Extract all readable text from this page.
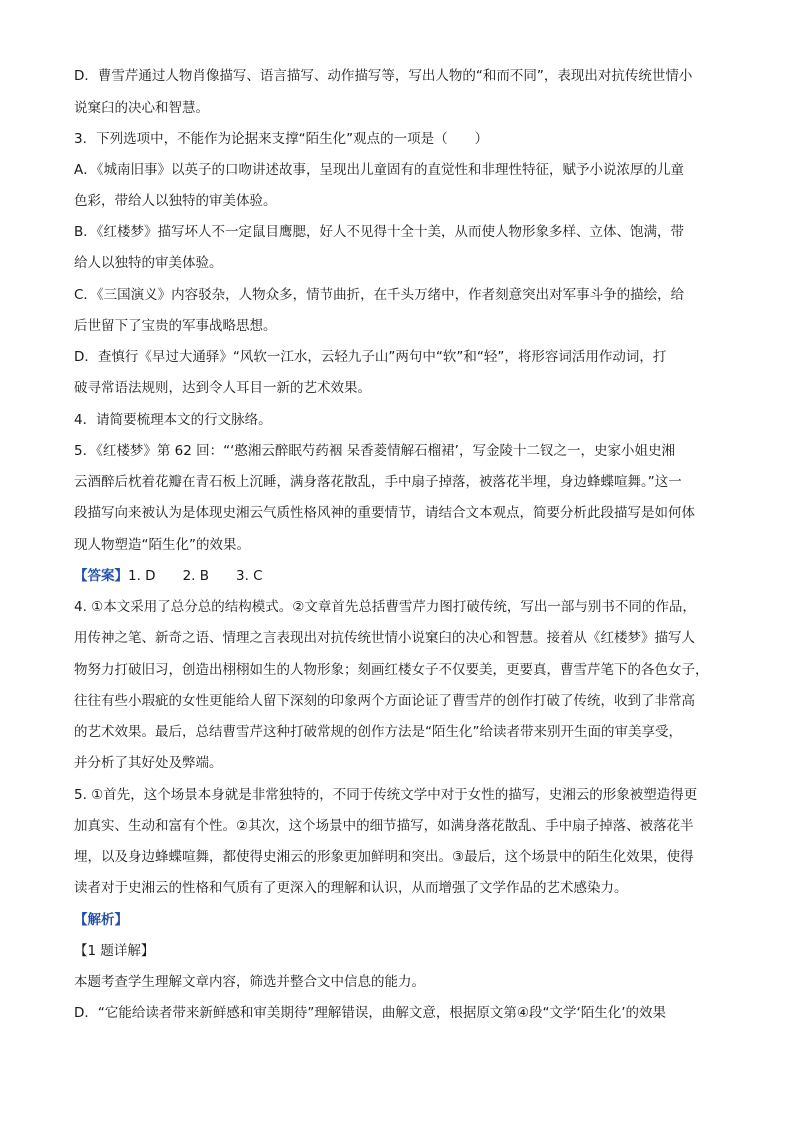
D．曹雪芹通过人物肖像描写、语言描写、动作描写等，写出人物的“和而不同”，表现出对抗传统世情小
说窠臼的决心和智慧。
3．下列选项中，不能作为论据来支撑“陌生化”观点的一项是（　　）
A．《城南旧事》以英子的口吻讲述故事，呈现出儿童固有的直觉性和非理性特征，赋予小说浓厚的儿童
色彩，带给人以独特的审美体验。
B．《红楼梦》描写坏人不一定鼠目鹰腮，好人不见得十全十美，从而使人物形象多样、立体、饱满，带
给人以独特的审美体验。
C．《三国演义》内容驳杂，人物众多，情节曲折，在千头万绪中，作者刻意突出对军事斗争的描绘，给
后世留下了宝贵的军事战略思想。
D．查慎行《早过大通驿》“风软一江水，云轻九子山”两句中“软”和“轻”，将形容词活用作动词，打
破寻常语法规则，达到令人耳目一新的艺术效果。
4．请简要梳理本文的行文脉络。
5．《红楼梦》第 62 回：“‘憨湘云醉眠芍药裀 呆香菱情解石榴裙’，写金陵十二钗之一，史家小姐史湘
云酒醉后枕着花瓣在青石板上沉睡，满身落花散乱，手中扇子掉落，被落花半埋，身边蜂蝶喧舞。”这一
段描写向来被认为是体现史湘云气质性格风神的重要情节，请结合文本观点，简要分析此段描写是如何体
现人物塑造“陌生化”的效果。
【答案】1. D　　2. B　　3. C
4. ①本文采用了总分总的结构模式。②文章首先总括曹雪芹力图打破传统，写出一部与别书不同的作品，
用传神之笔、新奇之语、情理之言表现出对抗传统世情小说窠臼的决心和智慧。接着从《红楼梦》描写人
物努力打破旧习，创造出栩栩如生的人物形象；刻画红楼女子不仅要美，更要真，曹雪芹笔下的各色女子，
往往有些小瑕疵的女性更能给人留下深刻的印象两个方面论证了曹雪芹的创作打破了传统，收到了非常高
的艺术效果。最后，总结曹雪芹这种打破常规的创作方法是“陌生化”给读者带来别开生面的审美享受，
并分析了其好处及弊端。
5. ①首先，这个场景本身就是非常独特的，不同于传统文学中对于女性的描写，史湘云的形象被塑造得更
加真实、生动和富有个性。②其次，这个场景中的细节描写，如满身落花散乱、手中扇子掉落、被落花半
埋，以及身边蜂蝶喧舞，都使得史湘云的形象更加鲜明和突出。③最后，这个场景中的陌生化效果，使得
读者对于史湘云的性格和气质有了更深入的理解和认识，从而增强了文学作品的艺术感染力。
【解析】
【1 题详解】
本题考查学生理解文章内容，筛选并整合文中信息的能力。
D．“它能给读者带来新鲜感和审美期待”理解错误，曲解文意，根据原文第④段“文学‘陌生化’的效果
